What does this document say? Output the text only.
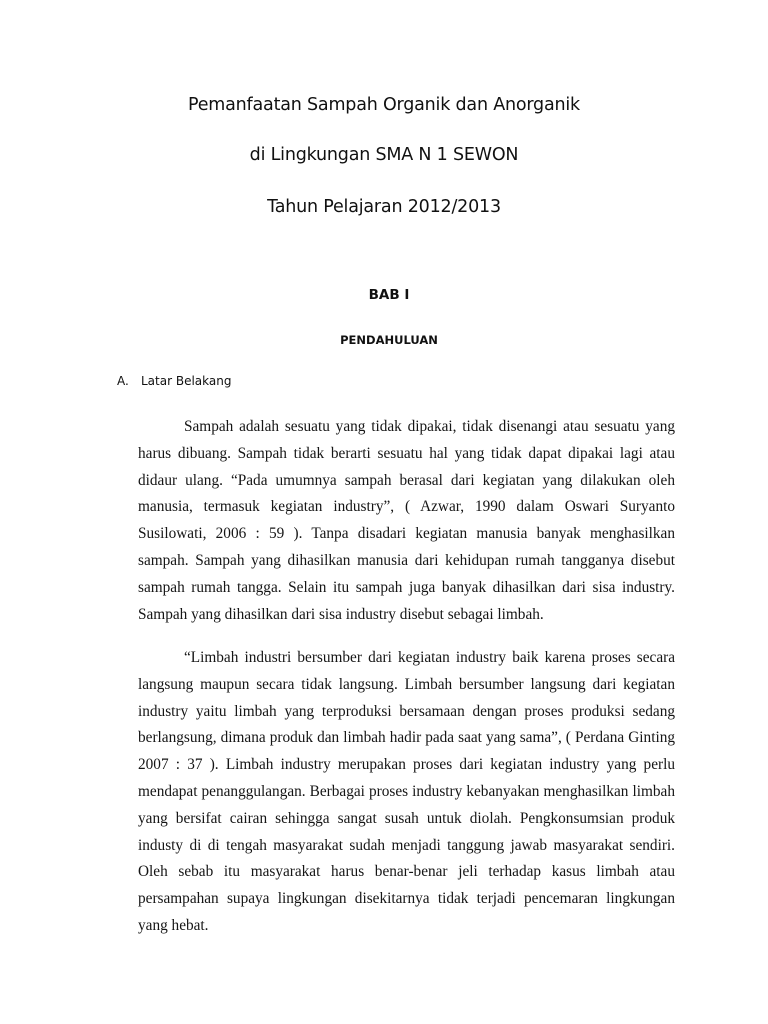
Pemanfaatan Sampah Organik dan Anorganik
di Lingkungan SMA N 1 SEWON
Tahun Pelajaran 2012/2013
BAB I
PENDAHULUAN
A. Latar Belakang

Sampah adalah sesuatu yang tidak dipakai, tidak disenangi atau sesuatu yang harus dibuang. Sampah tidak berarti sesuatu hal yang tidak dapat dipakai lagi atau didaur ulang. “Pada umumnya sampah berasal dari kegiatan yang dilakukan oleh manusia, termasuk kegiatan industry”, ( Azwar, 1990 dalam Oswari Suryanto Susilowati, 2006 : 59 ). Tanpa disadari kegiatan manusia banyak menghasilkan sampah. Sampah yang dihasilkan manusia dari kehidupan rumah tangganya disebut sampah rumah tangga. Selain itu sampah juga banyak dihasilkan dari sisa industry. Sampah yang dihasilkan dari sisa industry disebut sebagai limbah.

“Limbah industri bersumber dari kegiatan industry baik karena proses secara langsung maupun secara tidak langsung. Limbah bersumber langsung dari kegiatan industry yaitu limbah yang terproduksi bersamaan dengan proses produksi sedang berlangsung, dimana produk dan limbah hadir pada saat yang sama”, ( Perdana Ginting 2007 : 37 ). Limbah industry merupakan proses dari kegiatan industry yang perlu mendapat penanggulangan. Berbagai proses industry kebanyakan menghasilkan limbah yang bersifat cairan sehingga sangat susah untuk diolah. Pengkonsumsian produk industy di di tengah masyarakat sudah menjadi tanggung jawab masyarakat sendiri. Oleh sebab itu masyarakat harus benar-benar jeli terhadap kasus limbah atau persampahan supaya lingkungan disekitarnya tidak terjadi pencemaran lingkungan yang hebat.
